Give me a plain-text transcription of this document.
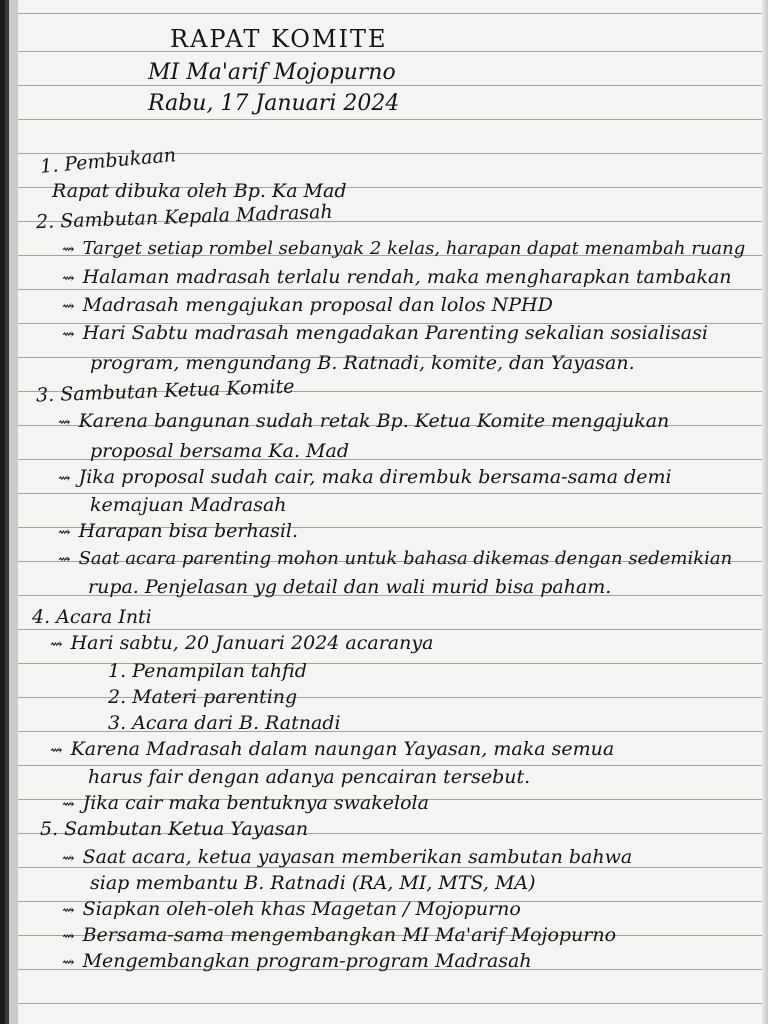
RAPAT KOMITE
MI Ma'arif Mojopurno
Rabu, 17 Januari 2024
1. Pembukaan
Rapat dibuka oleh Bp. Ka Mad
2. Sambutan Kepala Madrasah
⇝ Target setiap rombel sebanyak 2 kelas, harapan dapat menambah ruang
⇝ Halaman madrasah terlalu rendah, maka mengharapkan tambakan
⇝ Madrasah mengajukan proposal dan lolos NPHD
⇝ Hari Sabtu madrasah mengadakan Parenting sekalian sosialisasi
program, mengundang B. Ratnadi, komite, dan Yayasan.
3. Sambutan Ketua Komite
⇝ Karena bangunan sudah retak Bp. Ketua Komite mengajukan
proposal bersama Ka. Mad
⇝ Jika proposal sudah cair, maka dirembuk bersama-sama demi
kemajuan Madrasah
⇝ Harapan bisa berhasil.
⇝ Saat acara parenting mohon untuk bahasa dikemas dengan sedemikian
rupa. Penjelasan yg detail dan wali murid bisa paham.
4. Acara Inti
⇝ Hari sabtu, 20 Januari 2024 acaranya
1. Penampilan tahfid
2. Materi parenting
3. Acara dari B. Ratnadi
⇝ Karena Madrasah dalam naungan Yayasan, maka semua
harus fair dengan adanya pencairan tersebut.
⇝ Jika cair maka bentuknya swakelola
5. Sambutan Ketua Yayasan
⇝ Saat acara, ketua yayasan memberikan sambutan bahwa
siap membantu B. Ratnadi (RA, MI, MTS, MA)
⇝ Siapkan oleh-oleh khas Magetan / Mojopurno
⇝ Bersama-sama mengembangkan MI Ma'arif Mojopurno
⇝ Mengembangkan program-program Madrasah
